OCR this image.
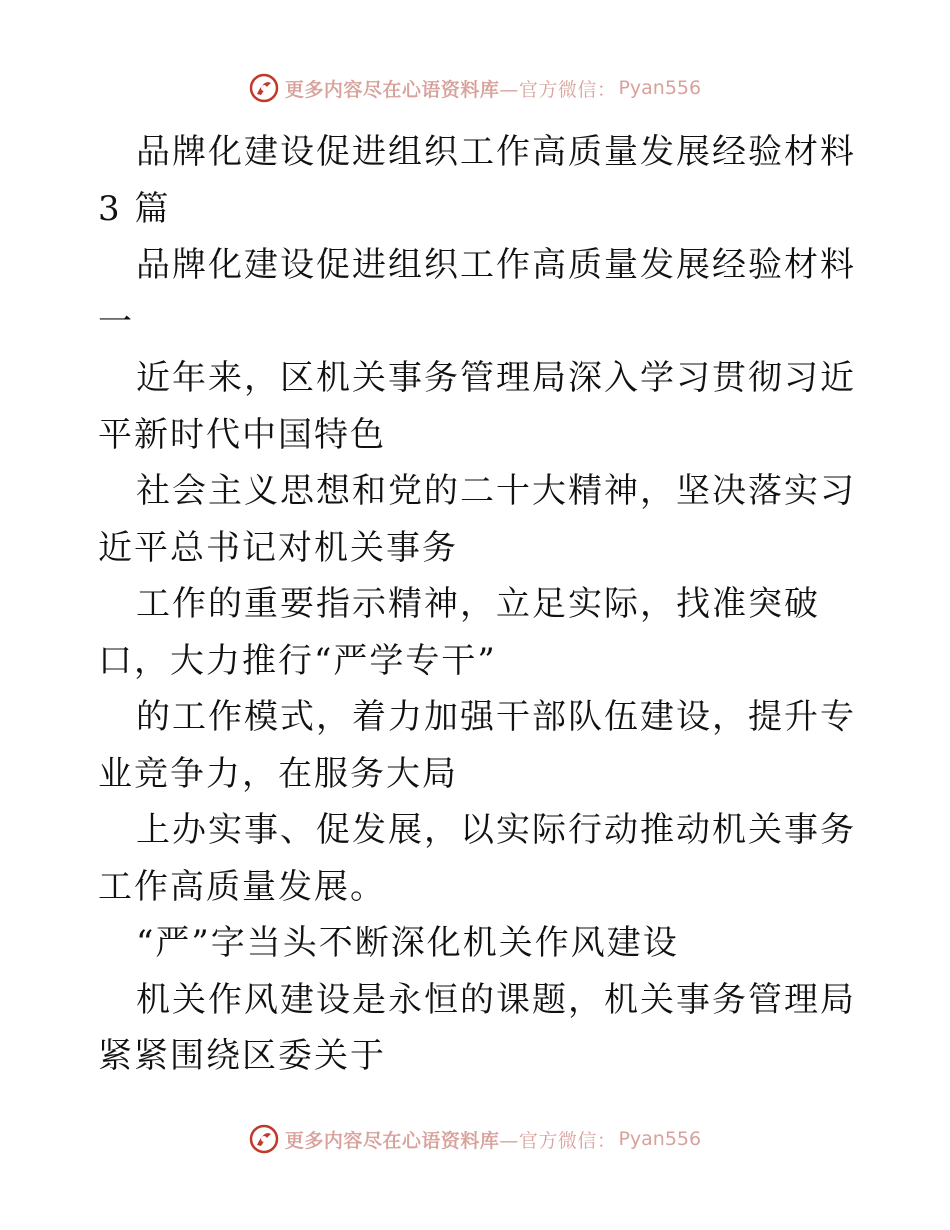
更多内容尽在心语资料库 —官方微信： Pyan556

品牌化建设促进组织工作高质量发展经验材料 3 篇

品牌化建设促进组织工作高质量发展经验材料一

近年来，区机关事务管理局深入学习贯彻习近平新时代中国特色

社会主义思想和党的二十大精神，坚决落实习近平总书记对机关事务

工作的重要指示精神，立足实际，找准突破口，大力推行“严学专干”

的工作模式，着力加强干部队伍建设，提升专业竞争力，在服务大局

上办实事、促发展，以实际行动推动机关事务工作高质量发展。

“严”字当头不断深化机关作风建设

机关作风建设是永恒的课题，机关事务管理局紧紧围绕区委关于

更多内容尽在心语资料库 —官方微信： Pyan556
